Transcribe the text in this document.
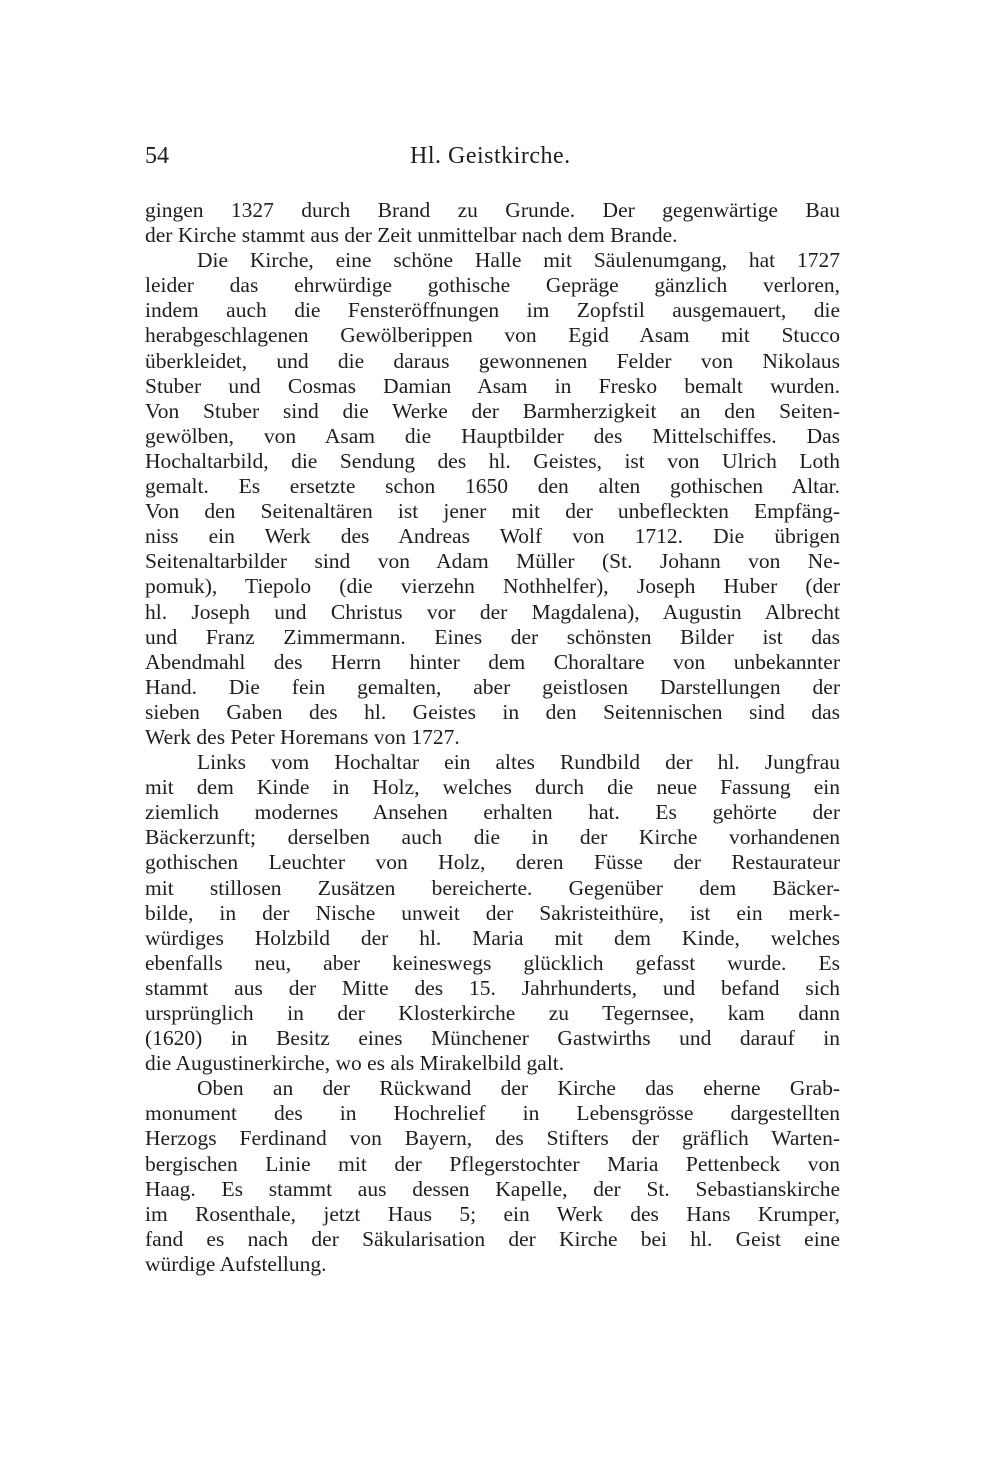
54	Hl. Geistkirche.
gingen 1327 durch Brand zu Grunde. Der gegenwärtige Bau
der Kirche stammt aus der Zeit unmittelbar nach dem Brande.
Die Kirche, eine schöne Halle mit Säulenumgang, hat 1727
leider das ehrwürdige gothische Gepräge gänzlich verloren,
indem auch die Fensteröffnungen im Zopfstil ausgemauert, die
herabgeschlagenen Gewölberippen von Egid Asam mit Stucco
überkleidet, und die daraus gewonnenen Felder von Nikolaus
Stuber und Cosmas Damian Asam in Fresko bemalt wurden.
Von Stuber sind die Werke der Barmherzigkeit an den Seiten-
gewölben, von Asam die Hauptbilder des Mittelschiffes. Das
Hochaltarbild, die Sendung des hl. Geistes, ist von Ulrich Loth
gemalt. Es ersetzte schon 1650 den alten gothischen Altar.
Von den Seitenaltären ist jener mit der unbefleckten Empfäng-
niss ein Werk des Andreas Wolf von 1712. Die übrigen
Seitenaltarbilder sind von Adam Müller (St. Johann von Ne-
pomuk), Tiepolo (die vierzehn Nothhelfer), Joseph Huber (der
hl. Joseph und Christus vor der Magdalena), Augustin Albrecht
und Franz Zimmermann. Eines der schönsten Bilder ist das
Abendmahl des Herrn hinter dem Choraltare von unbekannter
Hand. Die fein gemalten, aber geistlosen Darstellungen der
sieben Gaben des hl. Geistes in den Seitennischen sind das
Werk des Peter Horemans von 1727.
Links vom Hochaltar ein altes Rundbild der hl. Jungfrau
mit dem Kinde in Holz, welches durch die neue Fassung ein
ziemlich modernes Ansehen erhalten hat. Es gehörte der
Bäckerzunft; derselben auch die in der Kirche vorhandenen
gothischen Leuchter von Holz, deren Füsse der Restaurateur
mit stillosen Zusätzen bereicherte. Gegenüber dem Bäcker-
bilde, in der Nische unweit der Sakristeithüre, ist ein merk-
würdiges Holzbild der hl. Maria mit dem Kinde, welches
ebenfalls neu, aber keineswegs glücklich gefasst wurde. Es
stammt aus der Mitte des 15. Jahrhunderts, und befand sich
ursprünglich in der Klosterkirche zu Tegernsee, kam dann
(1620) in Besitz eines Münchener Gastwirths und darauf in
die Augustinerkirche, wo es als Mirakelbild galt.
Oben an der Rückwand der Kirche das eherne Grab-
monument des in Hochrelief in Lebensgrösse dargestellten
Herzogs Ferdinand von Bayern, des Stifters der gräflich Warten-
bergischen Linie mit der Pflegerstochter Maria Pettenbeck von
Haag. Es stammt aus dessen Kapelle, der St. Sebastianskirche
im Rosenthale, jetzt Haus 5; ein Werk des Hans Krumper,
fand es nach der Säkularisation der Kirche bei hl. Geist eine
würdige Aufstellung.
